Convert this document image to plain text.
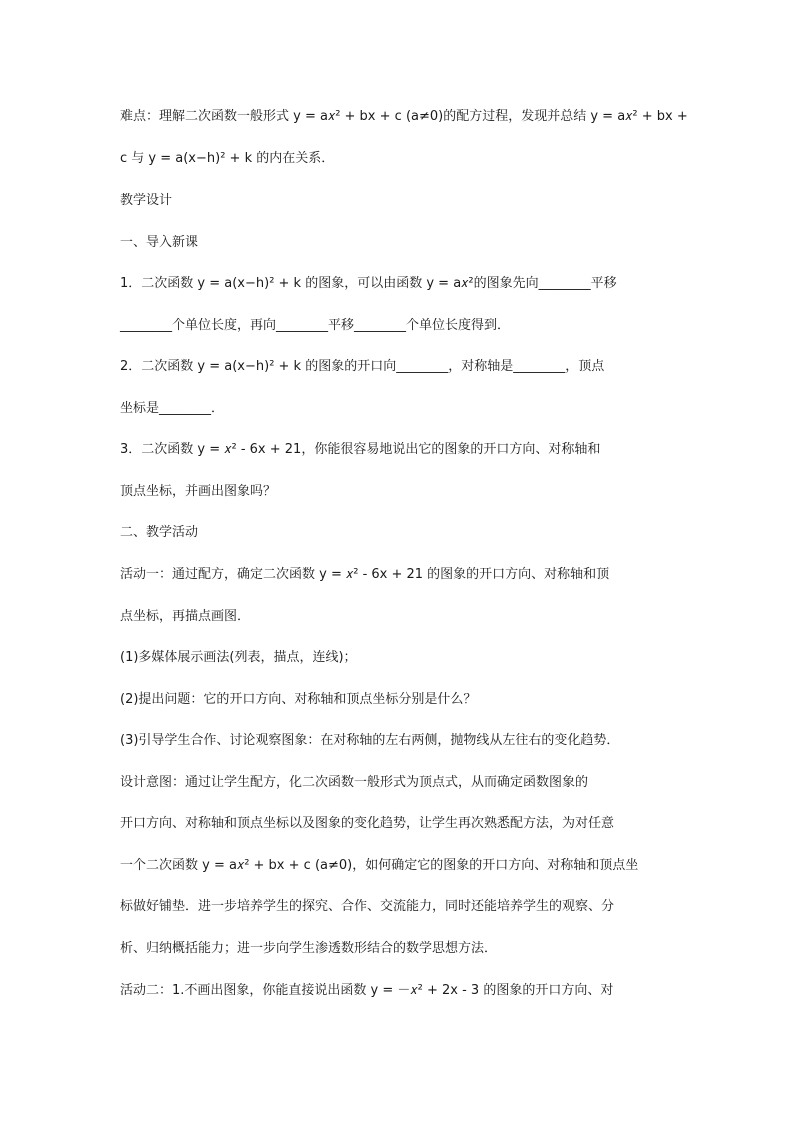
难点：理解二次函数一般形式 y = a𝑥² + bx + c (a≠0)的配方过程，发现并总结 y = a𝑥² + bx +
c 与 y = a(x−h)² + k 的内在关系．
教学设计
一、导入新课
1．二次函数 y = a(x−h)² + k 的图象，可以由函数 y = a𝑥²的图象先向________平移
________个单位长度，再向________平移________个单位长度得到．
2．二次函数 y = a(x−h)² + k 的图象的开口向________，对称轴是________，顶点
坐标是________．
3．二次函数 y = 𝑥² - 6x + 21，你能很容易地说出它的图象的开口方向、对称轴和
顶点坐标，并画出图象吗？
二、教学活动
活动一：通过配方，确定二次函数 y = 𝑥² - 6x + 21 的图象的开口方向、对称轴和顶
点坐标，再描点画图．
(1)多媒体展示画法(列表，描点，连线)；
(2)提出问题：它的开口方向、对称轴和顶点坐标分别是什么？
(3)引导学生合作、讨论观察图象：在对称轴的左右两侧，抛物线从左往右的变化趋势．
设计意图：通过让学生配方，化二次函数一般形式为顶点式，从而确定函数图象的
开口方向、对称轴和顶点坐标以及图象的变化趋势，让学生再次熟悉配方法，为对任意
一个二次函数 y = a𝑥² + bx + c (a≠0)，如何确定它的图象的开口方向、对称轴和顶点坐
标做好铺垫．进一步培养学生的探究、合作、交流能力，同时还能培养学生的观察、分
析、归纳概括能力；进一步向学生渗透数形结合的数学思想方法．
活动二：1.不画出图象，你能直接说出函数 y = －𝑥² + 2x - 3 的图象的开口方向、对
